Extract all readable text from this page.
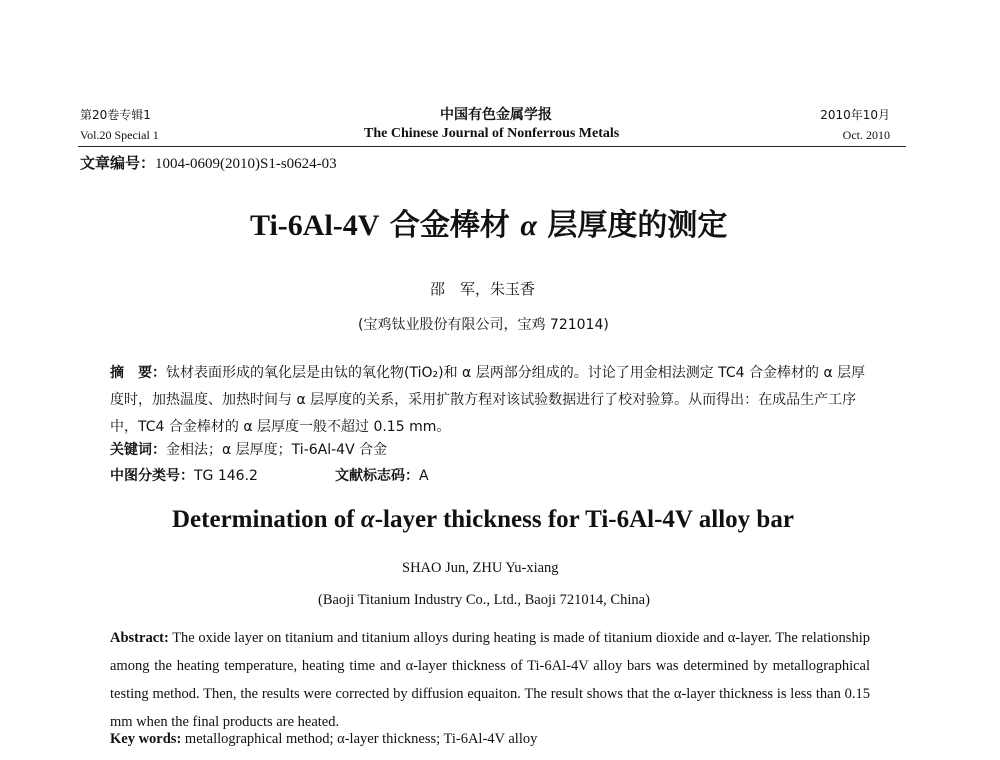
第20卷专辑1
Vol.20 Special 1
中国有色金属学报
The Chinese Journal of Nonferrous Metals
2010年10月
Oct. 2010
文章编号：1004-0609(2010)S1-s0624-03
Ti-6Al-4V 合金棒材 α 层厚度的测定
邵　军，朱玉香
(宝鸡钛业股份有限公司，宝鸡 721014)
摘　要：钛材表面形成的氧化层是由钛的氧化物(TiO₂)和 α 层两部分组成的。讨论了用金相法测定 TC4 合金棒材的 α 层厚度时，加热温度、加热时间与 α 层厚度的关系，采用扩散方程对该试验数据进行了校对验算。从而得出：在成品生产工序中，TC4 合金棒材的 α 层厚度一般不超过 0.15 mm。
关键词：金相法；α 层厚度；Ti-6Al-4V 合金
中图分类号：TG 146.2	文献标志码：A
Determination of α-layer thickness for Ti-6Al-4V alloy bar
SHAO Jun, ZHU Yu-xiang
(Baoji Titanium Industry Co., Ltd., Baoji 721014, China)
Abstract: The oxide layer on titanium and titanium alloys during heating is made of titanium dioxide and α-layer. The relationship among the heating temperature, heating time and α-layer thickness of Ti-6Al-4V alloy bars was determined by metallographical testing method. Then, the results were corrected by diffusion equaiton. The result shows that the α-layer thickness is less than 0.15 mm when the final products are heated.
Key words: metallographical method; α-layer thickness; Ti-6Al-4V alloy
